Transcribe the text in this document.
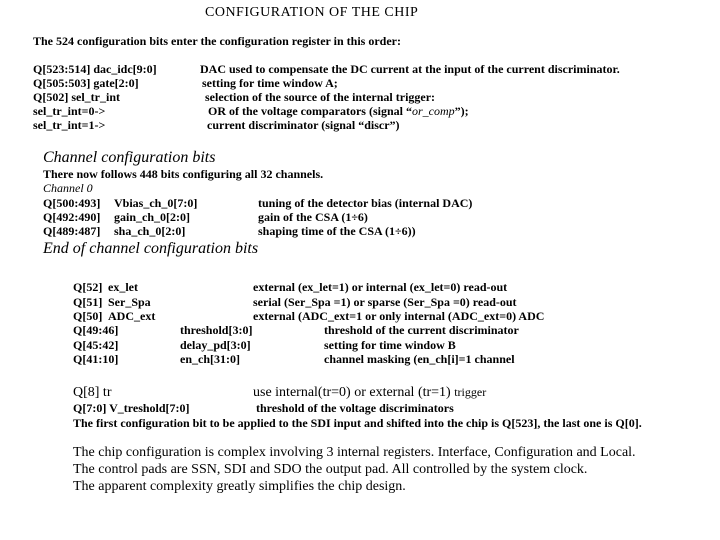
CONFIGURATION OF THE CHIP
The 524 configuration bits enter the configuration register in this order:
Q[523:514] dac_idc[9:0]	DAC used to compensate the DC current at the input of the current discriminator.
Q[505:503] gate[2:0]	setting for time window A;
Q[502] sel_tr_int	selection of the source of the internal trigger:
sel_tr_int=0->	OR of the voltage comparators (signal “or_comp”);
sel_tr_int=1->	current discriminator (signal “discr”)
Channel configuration bits
There now follows 448 bits configuring all 32 channels.
Channel 0
Q[500:493] Vbias_ch_0[7:0]	tuning of the detector bias (internal DAC)
Q[492:490] gain_ch_0[2:0]	gain of the CSA (1÷6)
Q[489:487] sha_ch_0[2:0]	shaping time of the CSA (1÷6))
End of channel configuration bits
Q[52] ex_let	external (ex_let=1) or internal (ex_let=0) read-out
Q[51] Ser_Spa	serial (Ser_Spa =1) or sparse (Ser_Spa =0) read-out
Q[50] ADC_ext	external (ADC_ext=1 or only internal (ADC_ext=0) ADC
Q[49:46]	threshold[3:0]	threshold of the current discriminator
Q[45:42]	delay_pd[3:0]	setting for time window B
Q[41:10]	en_ch[31:0]	channel masking (en_ch[i]=1 channel
Q[8] tr	use internal(tr=0) or external (tr=1) trigger
Q[7:0] V_treshold[7:0]	threshold of the voltage discriminators
The first configuration bit to be applied to the SDI input and shifted into the chip is Q[523], the last one is Q[0].
The chip configuration is complex involving 3 internal registers. Interface, Configuration and Local.
The control pads are SSN, SDI and SDO the output pad. All controlled by the system clock.
The apparent complexity greatly simplifies the chip design.
